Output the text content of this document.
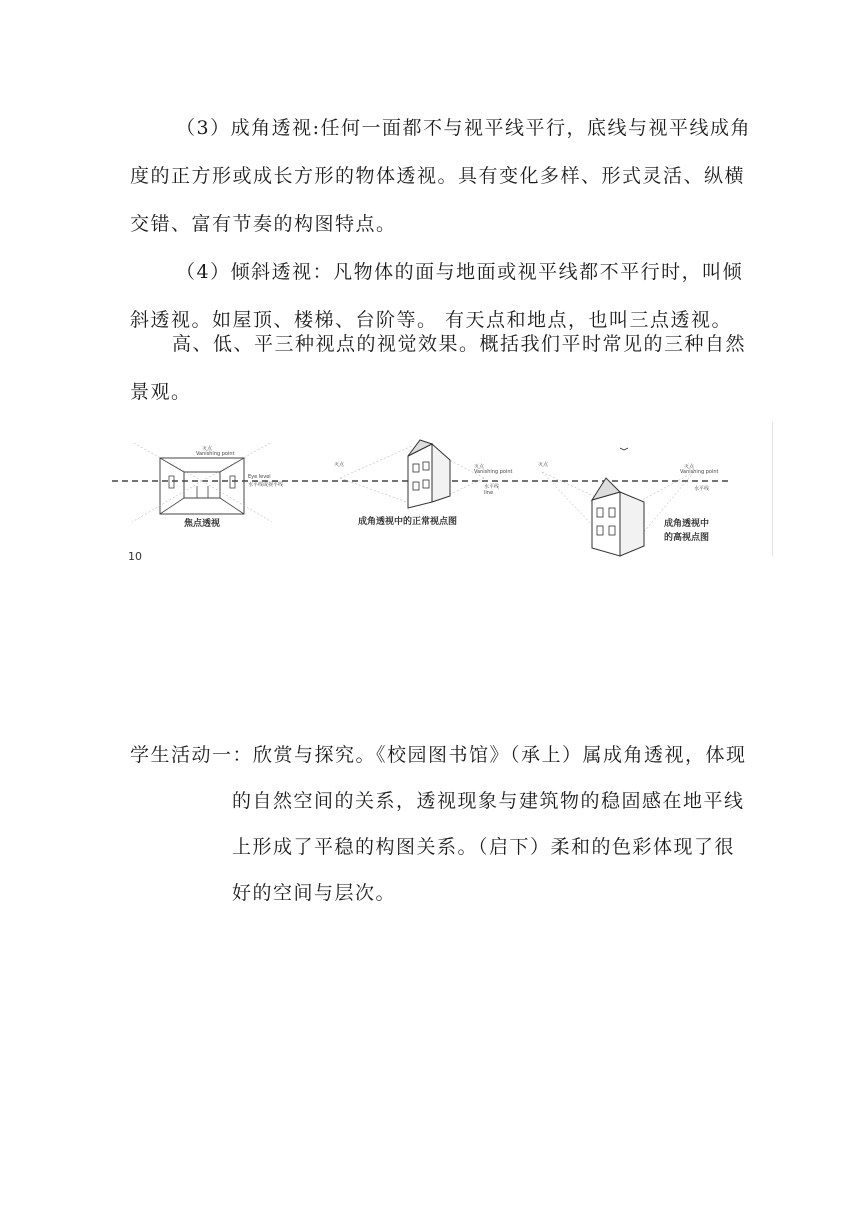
（3）成角透视:任何一面都不与视平线平行，底线与视平线成角
度的正方形或成长方形的物体透视。具有变化多样、形式灵活、纵横
交错、富有节奏的构图特点。
（4）倾斜透视：凡物体的面与地面或视平线都不平行时，叫倾
斜透视。如屋顶、楼梯、台阶等。 有天点和地点，也叫三点透视。
高、低、平三种视点的视觉效果。概括我们平时常见的三种自然
景观。
灭点
Vanishing point
Eye level
水平线或视平线
焦点透视
灭点	灭点
Vanishing point
水平线
line
成角透视中的正常视点图
灭点	灭点
Vanishing point
水平线
成角透视中
的高视点图
10
学生活动一：欣赏与探究。《校园图书馆》（承上）属成角透视，体现
的自然空间的关系，透视现象与建筑物的稳固感在地平线
上形成了平稳的构图关系。（启下）柔和的色彩体现了很
好的空间与层次。
